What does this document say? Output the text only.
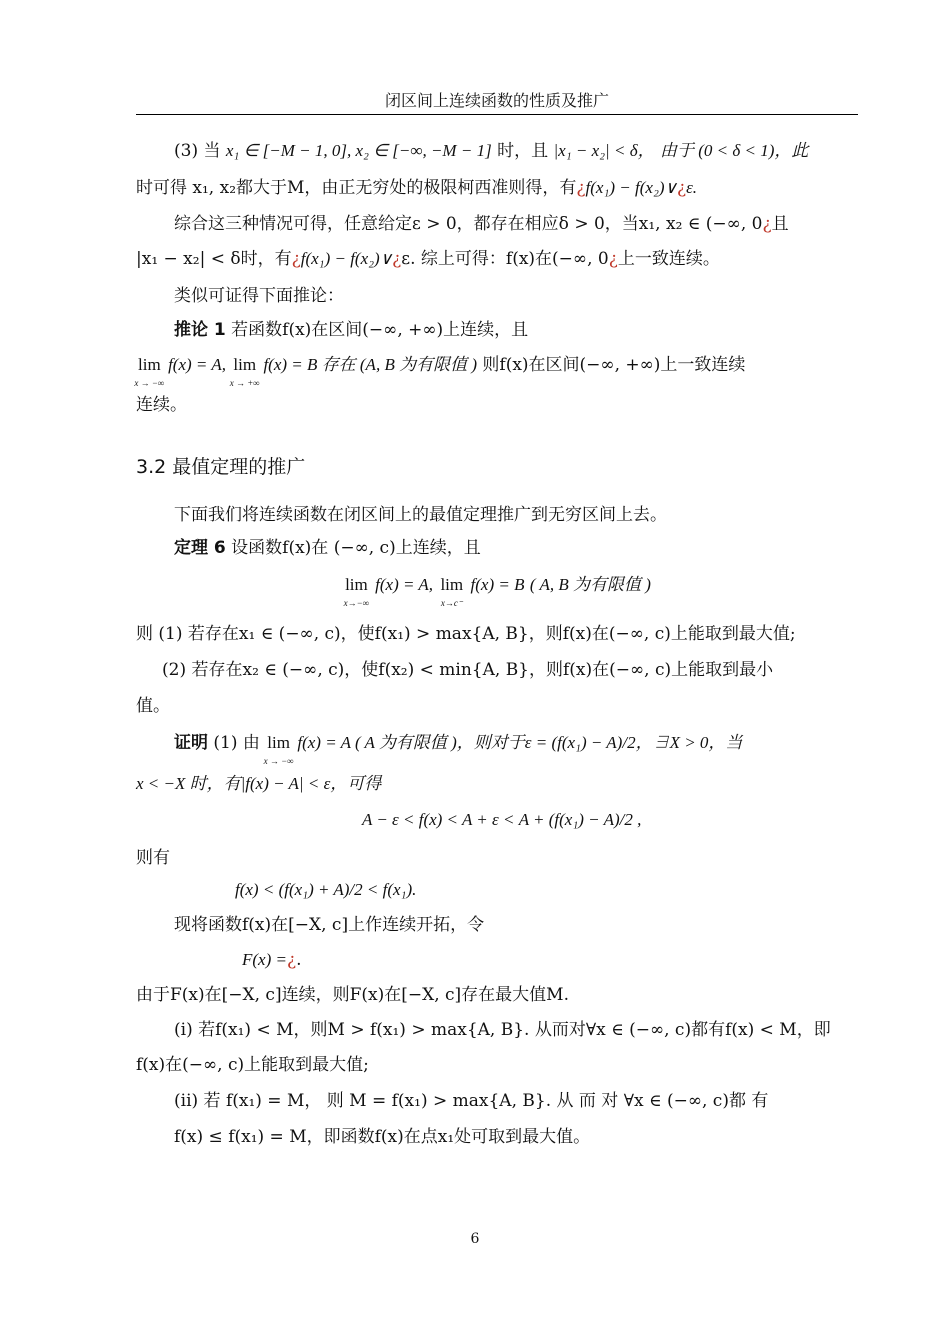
闭区间上连续函数的性质及推广
(3) 当 x₁ ∈ [−M − 1, 0], x₂ ∈ [−∞, −M − 1] 时，且 |x₁ − x₂| < δ， 由于 (0 < δ < 1)，此
时可得 x₁, x₂都大于M，由正无穷处的极限柯西准则得，有¿f(x₁) − f(x₂)∨¿ε.
综合这三种情况可得，任意给定ε > 0，都存在相应δ > 0，当x₁, x₂ ∈ (−∞, 0¿且
|x₁ − x₂| < δ时，有¿f(x₁) − f(x₂)∨¿ε. 综上可得：f(x)在(−∞, 0¿上一致连续。
类似可证得下面推论：
推论 1 若函数f(x)在区间(−∞, +∞)上连续，且
lim
x → −∞
f(x) = A, lim
x → +∞
f(x) = B 存在 (A, B 为有限值 ) 则f(x)在区间(−∞, +∞)上一致连续
连续。
3.2 最值定理的推广
下面我们将连续函数在闭区间上的最值定理推广到无穷区间上去。
定理 6 设函数f(x)在 (−∞, c)上连续，且
lim
x→−∞
f(x) = A, lim
x→c⁻
f(x) = B ( A, B 为有限值 )
则 (1) 若存在x₁ ∈ (−∞, c)，使f(x₁) > max{A, B}，则f(x)在(−∞, c)上能取到最大值;
(2) 若存在x₂ ∈ (−∞, c)，使f(x₂) < min{A, B}，则f(x)在(−∞, c)上能取到最小
值。
证明 (1) 由 lim
x → −∞
f(x) = A ( A 为有限值 )，则对于ε = (f(x₁) − A)/2，∃X > 0，当
x < −X 时，有|f(x) − A| < ε，可得
A − ε < f(x) < A + ε < A + (f(x₁) − A)/2 ,
则有
f(x) < (f(x₁) + A)/2 < f(x₁).
现将函数f(x)在[−X, c]上作连续开拓，令
F(x) =¿.
由于F(x)在[−X, c]连续，则F(x)在[−X, c]存在最大值M.
(i) 若f(x₁) < M，则M > f(x₁) > max{A, B}. 从而对∀x ∈ (−∞, c)都有f(x) < M，即
f(x)在(−∞, c)上能取到最大值;
(ii) 若 f(x₁) = M， 则 M = f(x₁) > max{A, B}. 从 而 对 ∀x ∈ (−∞, c)都 有
f(x) ≤ f(x₁) = M，即函数f(x)在点x₁处可取到最大值。
6
